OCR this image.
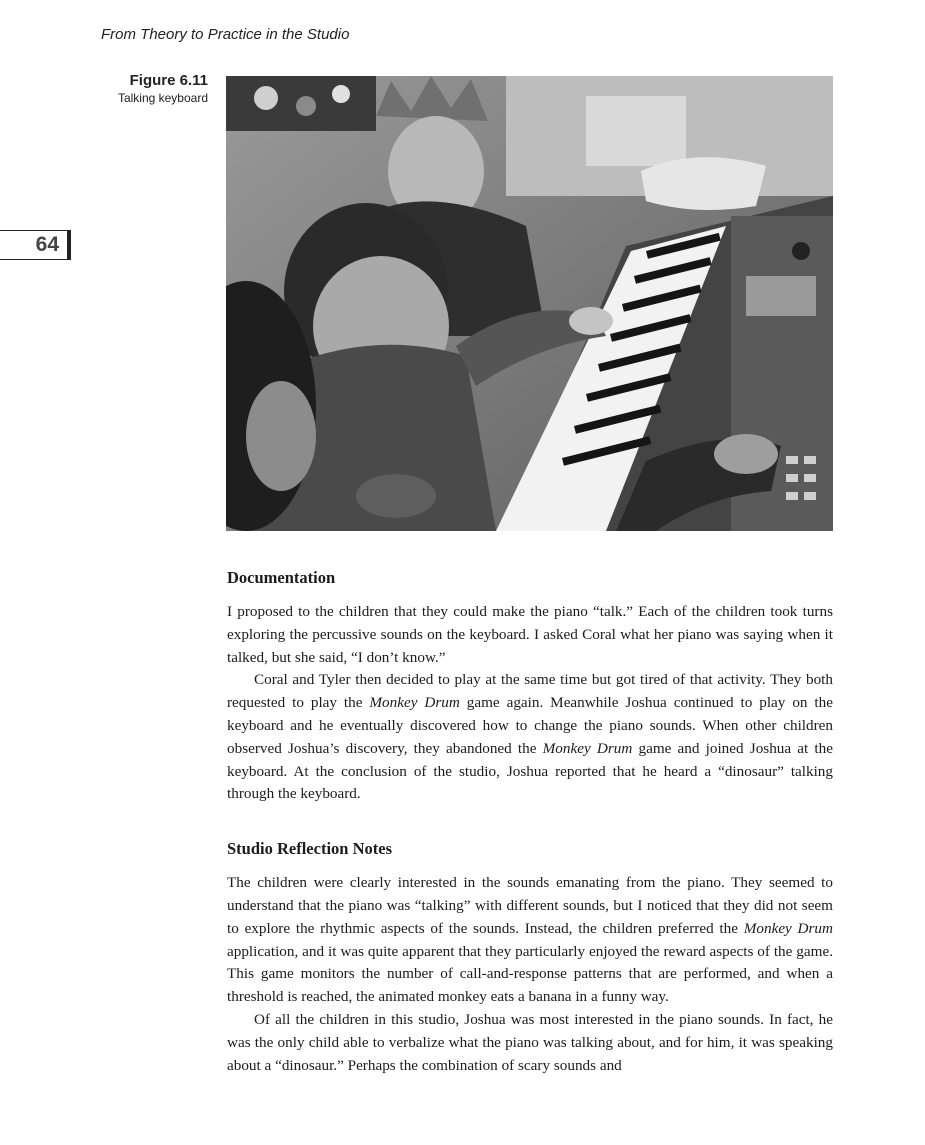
From Theory to Practice in the Studio
Figure 6.11
Talking keyboard
64
Documentation

I proposed to the children that they could make the piano “talk.” Each of the children took turns exploring the percussive sounds on the keyboard. I asked Coral what her piano was saying when it talked, but she said, “I don’t know.”

Coral and Tyler then decided to play at the same time but got tired of that activity. They both requested to play the Monkey Drum game again. Meanwhile Joshua continued to play on the keyboard and he eventually discovered how to change the piano sounds. When other children observed Joshua’s discovery, they abandoned the Monkey Drum game and joined Joshua at the keyboard. At the conclusion of the studio, Joshua reported that he heard a “dinosaur” talking through the keyboard.

Studio Reflection Notes

The children were clearly interested in the sounds emanating from the piano. They seemed to understand that the piano was “talking” with different sounds, but I noticed that they did not seem to explore the rhythmic aspects of the sounds. Instead, the children preferred the Monkey Drum application, and it was quite apparent that they particularly enjoyed the reward aspects of the game. This game monitors the number of call-and-response patterns that are performed, and when a threshold is reached, the animated monkey eats a banana in a funny way.

Of all the children in this studio, Joshua was most interested in the piano sounds. In fact, he was the only child able to verbalize what the piano was talking about, and for him, it was speaking about a “dinosaur.” Perhaps the combination of scary sounds and
